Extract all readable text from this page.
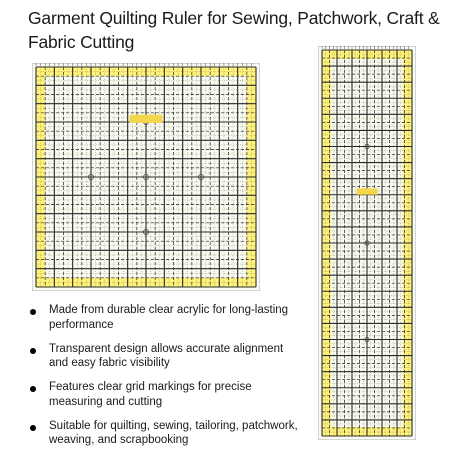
Garment Quilting Ruler for Sewing, Patchwork, Craft & Fabric Cutting
Made from durable clear acrylic for long-lasting performance
Transparent design allows accurate alignment and easy fabric visibility
Features clear grid markings for precise measuring and cutting
Suitable for quilting, sewing, tailoring, patchwork, weaving, and scrapbooking
